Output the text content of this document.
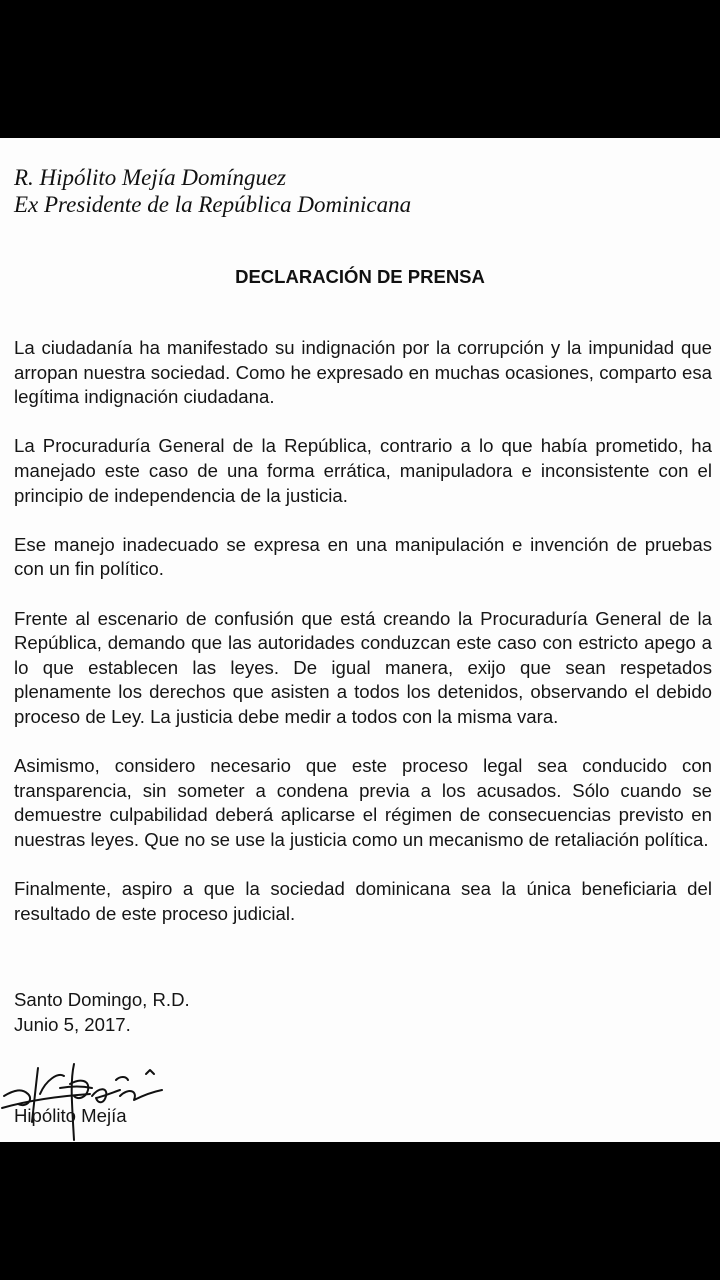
R. Hipólito Mejía Domínguez
Ex Presidente de la República Dominicana
DECLARACIÓN DE PRENSA

La ciudadanía ha manifestado su indignación por la corrupción y la impunidad que arropan nuestra sociedad. Como he expresado en muchas ocasiones, comparto esa legítima indignación ciudadana.

La Procuraduría General de la República, contrario a lo que había prometido, ha manejado este caso de una forma errática, manipuladora e inconsistente con el principio de independencia de la justicia.

Ese manejo inadecuado se expresa en una manipulación e invención de pruebas con un fin político.

Frente al escenario de confusión que está creando la Procuraduría General de la República, demando que las autoridades conduzcan este caso con estricto apego a lo que establecen las leyes. De igual manera, exijo que sean respetados plenamente los derechos que asisten a todos los detenidos, observando el debido proceso de Ley. La justicia debe medir a todos con la misma vara.

Asimismo, considero necesario que este proceso legal sea conducido con transparencia, sin someter a condena previa a los acusados. Sólo cuando se demuestre culpabilidad deberá aplicarse el régimen de consecuencias previsto en nuestras leyes. Que no se use la justicia como un mecanismo de retaliación política.

Finalmente, aspiro a que la sociedad dominicana sea la única beneficiaria del resultado de este proceso judicial.

Santo Domingo, R.D.
Junio 5, 2017.
Hipólito Mejía
